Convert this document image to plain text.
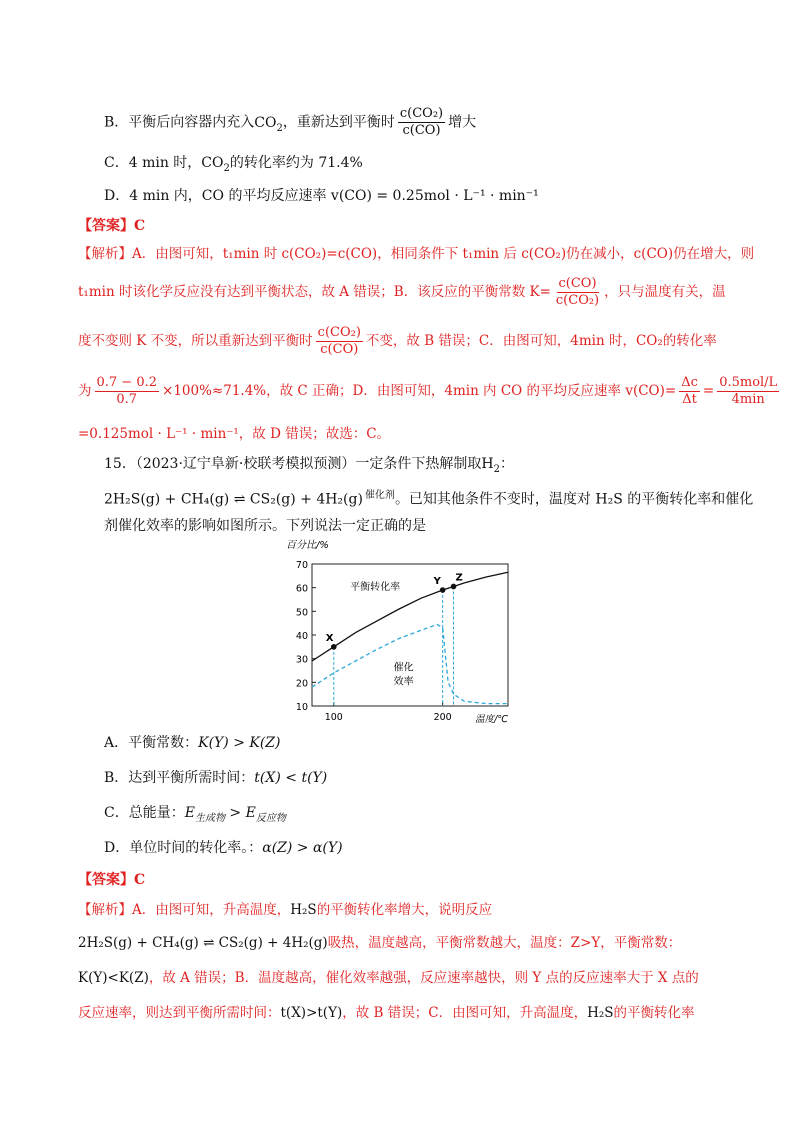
B．平衡后向容器内充入$CO_2$，重新达到平衡时 $\frac{\text{c(CO₂)}}{c(CO)}$ 增大
C．4 min 时，$CO_2$的转化率约为 71.4%
D．4 min 内，CO 的平均反应速率 v(CO) = 0.25mol · L⁻¹ · min⁻¹
【答案】C
【解析】A．由图可知，t₁min 时 c(CO₂)=c(CO)，相同条件下 t₁min 后 c(CO₂)仍在减小，c(CO)仍在增大，则
t₁min 时该化学反应没有达到平衡状态，故 A 错误；B．该反应的平衡常数 $K= \frac{c(CO)}{\text{c(CO₂)}}$ ，只与温度有关，温
度不变则 K 不变，所以重新达到平衡时 $\frac{\text{c(CO₂)}}{c(CO)}$ 不变，故 B 错误；C．由图可知，4min 时，CO₂的转化率
为 $\frac{0.7 - 0.2}{0.7} \times 100\%\approx 71.4\%$，故 C 正确；D．由图可知，4min 内 CO 的平均反应速率 $v(CO)= \frac{\Delta c}{\Delta t} = \frac{\text{0.5mol/L}}{4\min}$
=0.125mol · L⁻¹ · min⁻¹，故 D 错误；故选：C。
15．（2023·辽宁阜新·校联考模拟预测）一定条件下热解制取$H_2$：
2H₂S(g) + CH₄(g) ⇌ CS₂(g) + 4H₂(g) $^{催化剂}$。已知其他条件不变时，温度对 H₂S 的平衡转化率和催化
剂催化效率的影响如图所示。下列说法一定正确的是
10
20
30
40
50
60
70
100	200
百分比/%
温度/℃
X
Y Z
平衡转化率
催化
效率
A．平衡常数：K(Y) > K(Z)
B．达到平衡所需时间：t(X) < t(Y)
C．总能量：$E_{生成物} > E_{反应物}$
D．单位时间的转化率。：α(Z) > α(Y)
【答案】C
【解析】A．由图可知，升高温度，H₂S的平衡转化率增大，说明反应
2H₂S(g) + CH₄(g) ⇌ CS₂(g) + 4H₂(g)吸热，温度越高，平衡常数越大，温度：Z>Y，平衡常数：
K(Y)<K(Z)，故 A 错误；B．温度越高，催化效率越强，反应速率越快，则 Y 点的反应速率大于 X 点的
反应速率，则达到平衡所需时间：t(X)>t(Y)，故 B 错误；C．由图可知，升高温度，H₂S的平衡转化率
